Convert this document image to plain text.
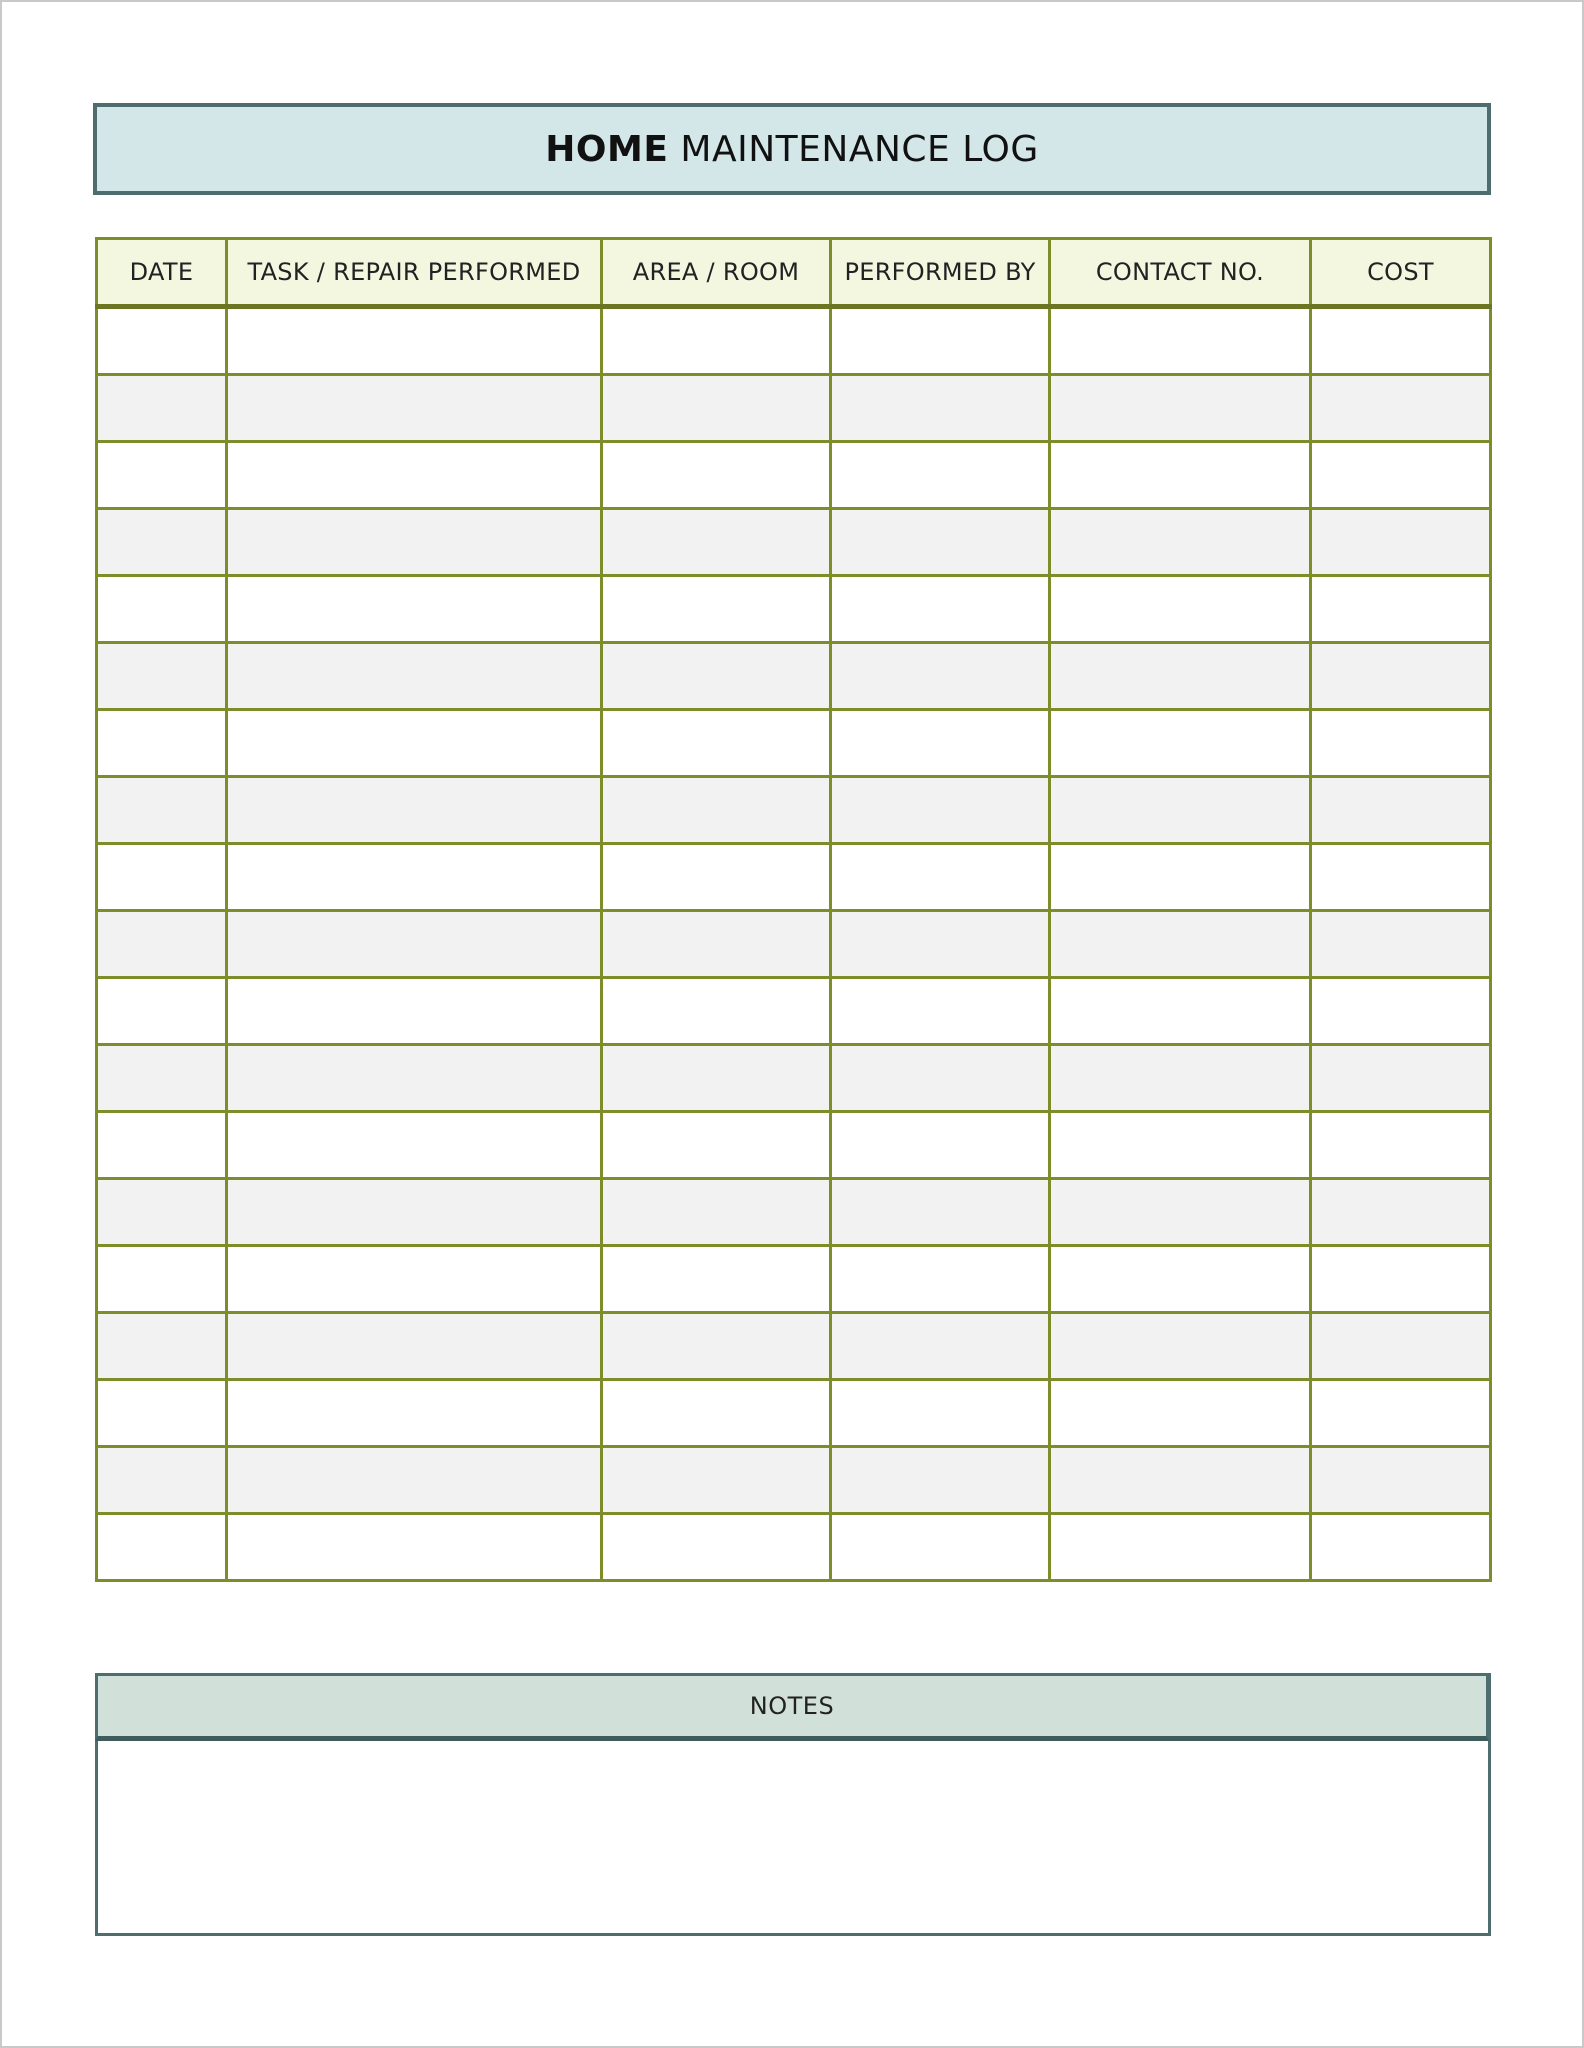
HOME MAINTENANCE LOG
DATE	TASK / REPAIR PERFORMED	AREA / ROOM	PERFORMED BY	CONTACT NO.	COST

NOTES
